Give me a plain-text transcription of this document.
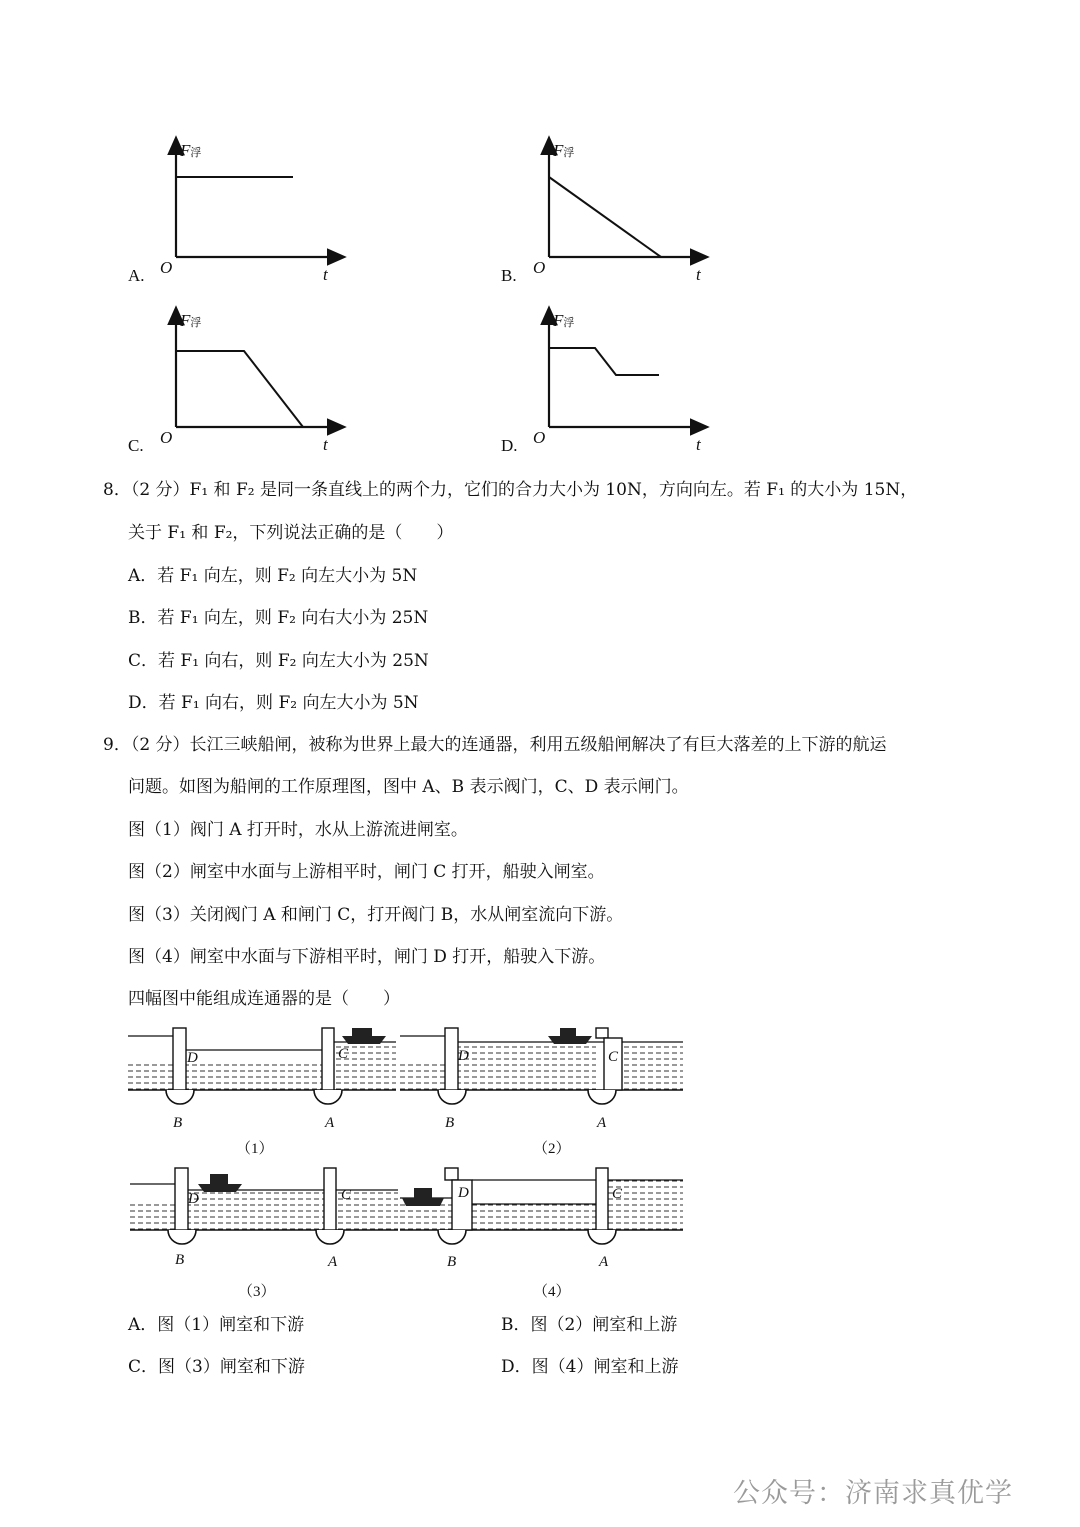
F浮
O	t
A.
F浮
O	t
B.
F浮
O	t
C.
F浮
O	t
D.
8．（2 分）F₁ 和 F₂ 是同一条直线上的两个力，它们的合力大小为 10N，方向向左。若 F₁ 的大小为 15N，
关于 F₁ 和 F₂，下列说法正确的是（　　）
A．若 F₁ 向左，则 F₂ 向左大小为 5N
B．若 F₁ 向左，则 F₂ 向右大小为 25N
C．若 F₁ 向右，则 F₂ 向左大小为 25N
D．若 F₁ 向右，则 F₂ 向左大小为 5N
9．（2 分）长江三峡船闸，被称为世界上最大的连通器，利用五级船闸解决了有巨大落差的上下游的航运
问题。如图为船闸的工作原理图，图中 A、B 表示阀门，C、D 表示闸门。
图（1）阀门 A 打开时，水从上游流进闸室。
图（2）闸室中水面与上游相平时，闸门 C 打开，船驶入闸室。
图（3）关闭阀门 A 和闸门 C，打开阀门 B，水从闸室流向下游。
图（4）闸室中水面与下游相平时，闸门 D 打开，船驶入下游。
四幅图中能组成连通器的是（　　）
D	C
B	A
（1）
D	C
B	A
（2）
D	C
B	A
（3）
D	C
B	A
（4）
A．图（1）闸室和下游	B．图（2）闸室和上游
C．图（3）闸室和下游	D．图（4）闸室和上游
公众号：济南求真优学
